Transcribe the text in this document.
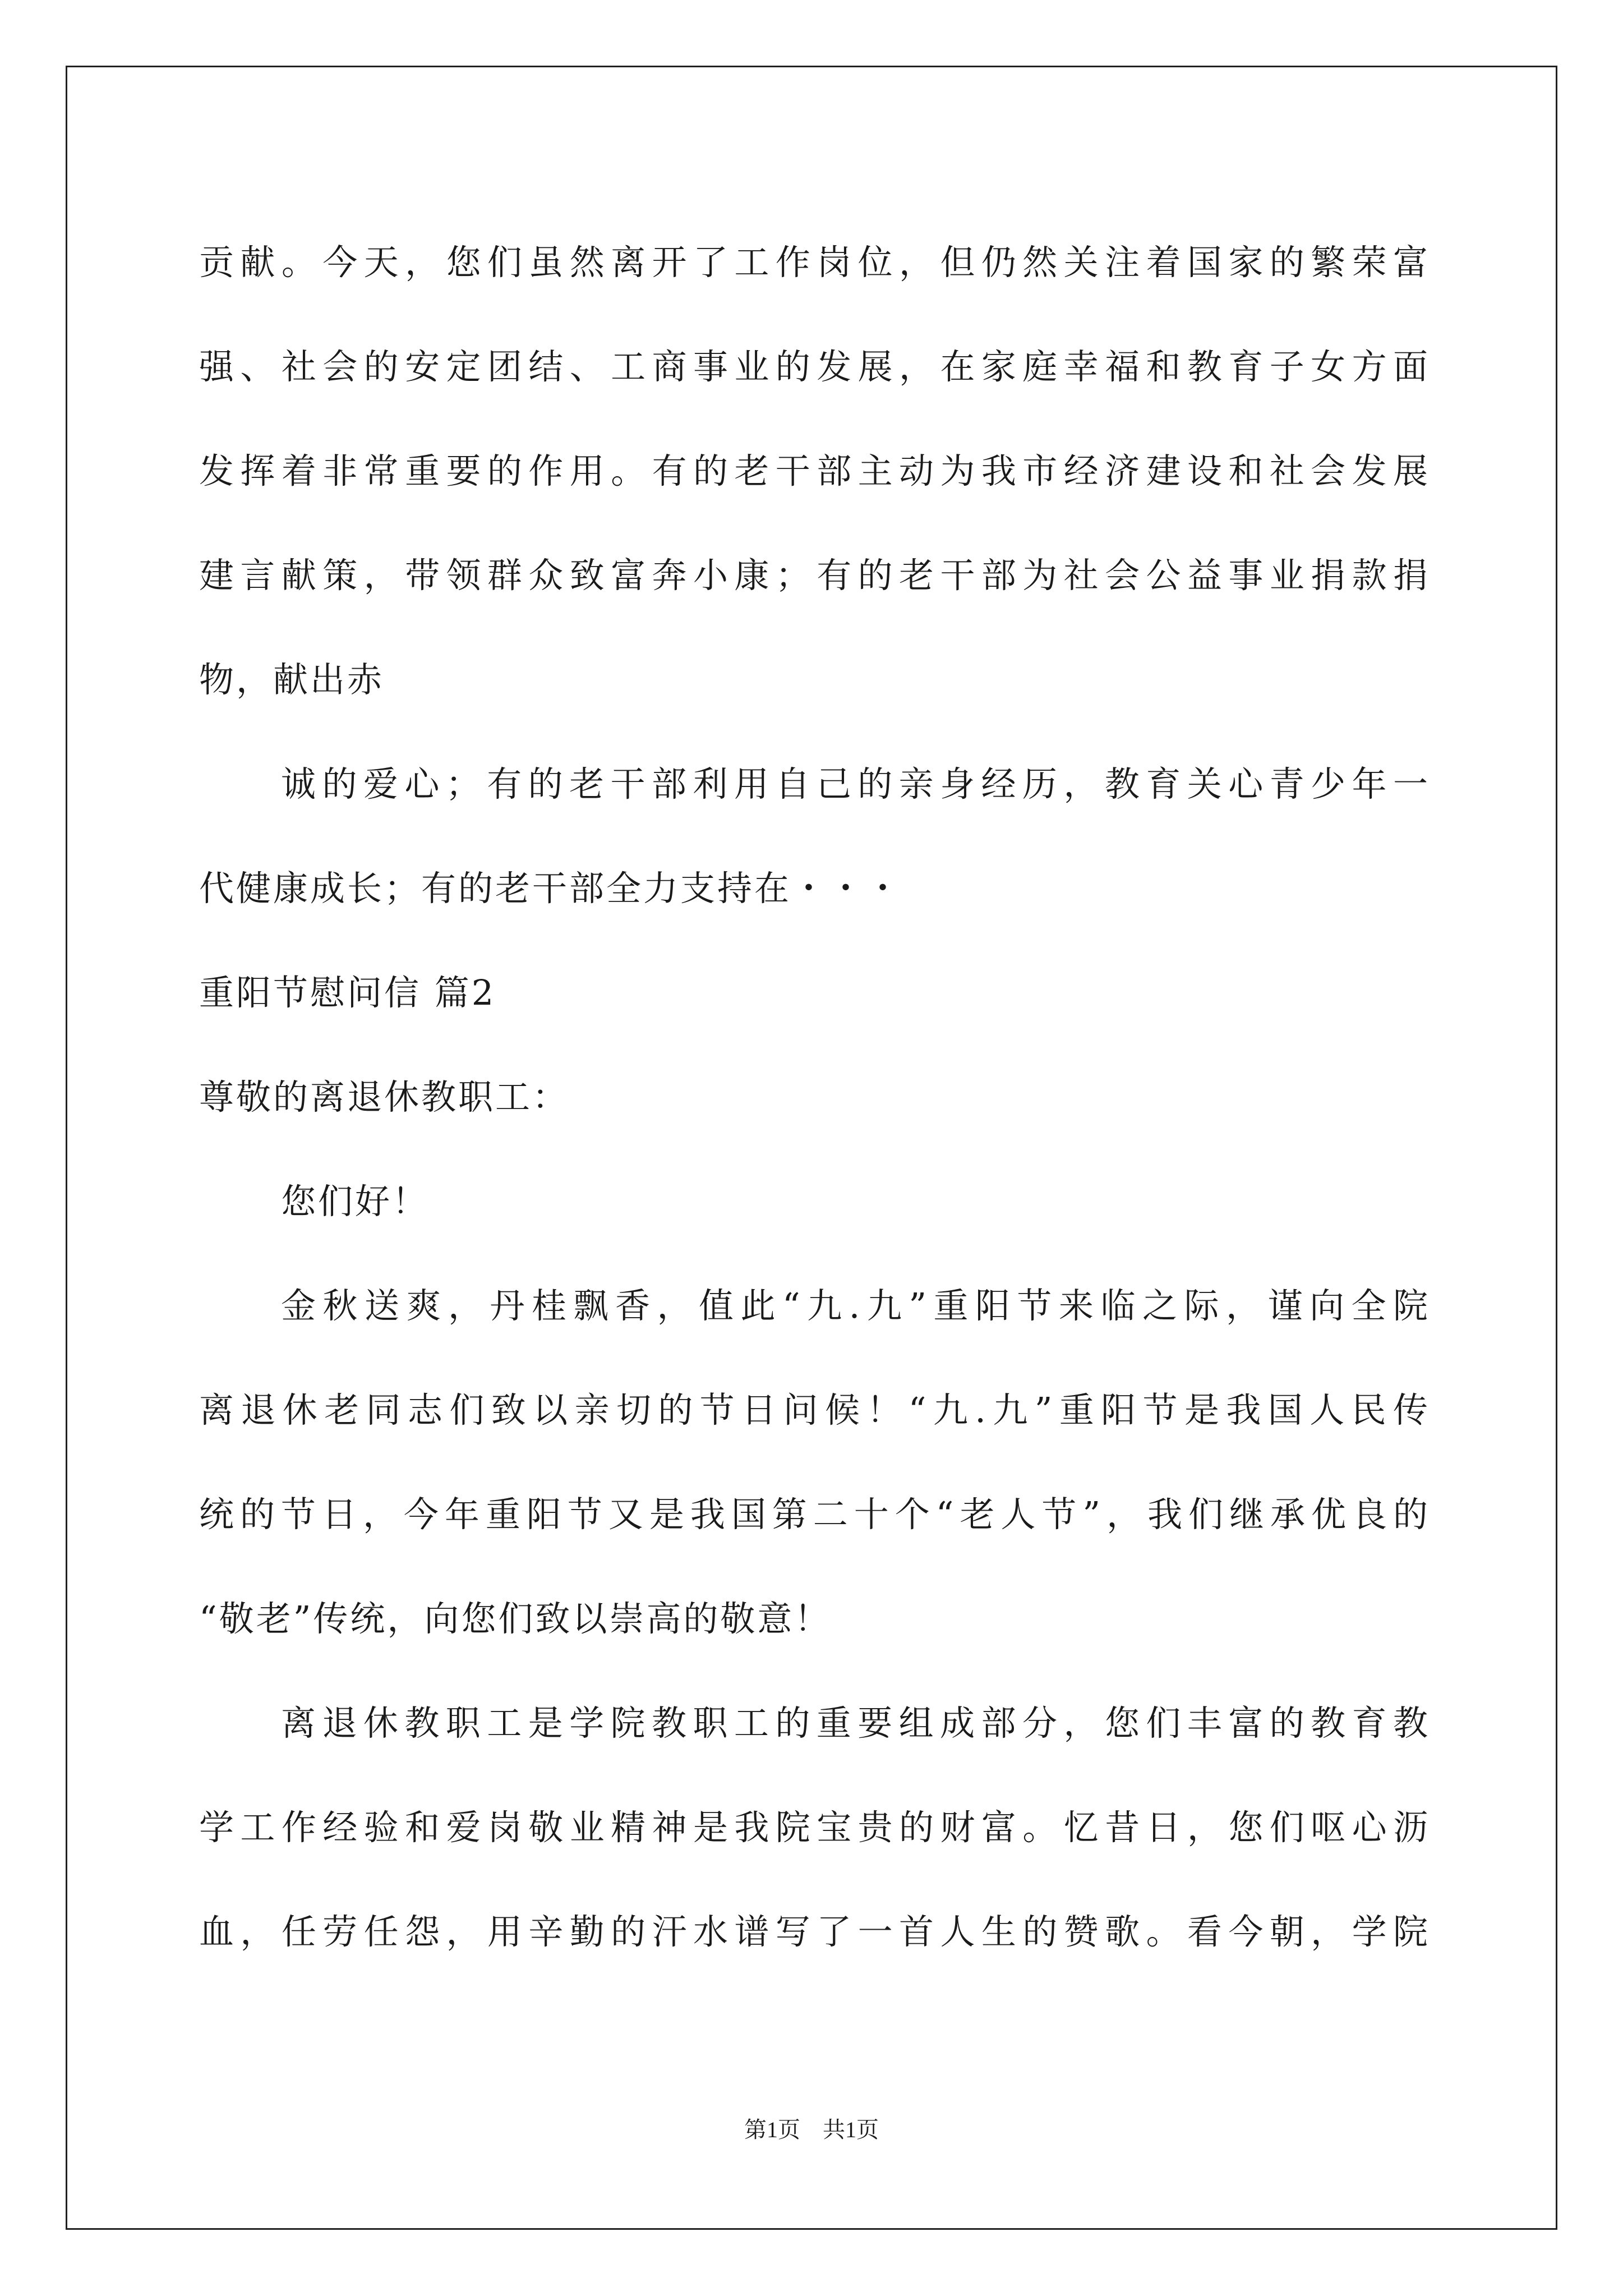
贡献。今天，您们虽然离开了工作岗位，但仍然关注着国家的繁荣富
强、社会的安定团结、工商事业的发展，在家庭幸福和教育子女方面
发挥着非常重要的作用。有的老干部主动为我市经济建设和社会发展
建言献策，带领群众致富奔小康；有的老干部为社会公益事业捐款捐
物，献出赤
诚的爱心；有的老干部利用自己的亲身经历，教育关心青少年一
代健康成长；有的老干部全力支持在・・・
重阳节慰问信 篇2
尊敬的离退休教职工：
您们好！
金秋送爽，丹桂飘香，值此“九.九”重阳节来临之际，谨向全院
离退休老同志们致以亲切的节日问候！“九.九”重阳节是我国人民传
统的节日，今年重阳节又是我国第二十个“老人节”，我们继承优良的
“敬老”传统，向您们致以崇高的敬意！
离退休教职工是学院教职工的重要组成部分，您们丰富的教育教
学工作经验和爱岗敬业精神是我院宝贵的财富。忆昔日，您们呕心沥
血，任劳任怨，用辛勤的汗水谱写了一首人生的赞歌。看今朝，学院
第1页　共1页
